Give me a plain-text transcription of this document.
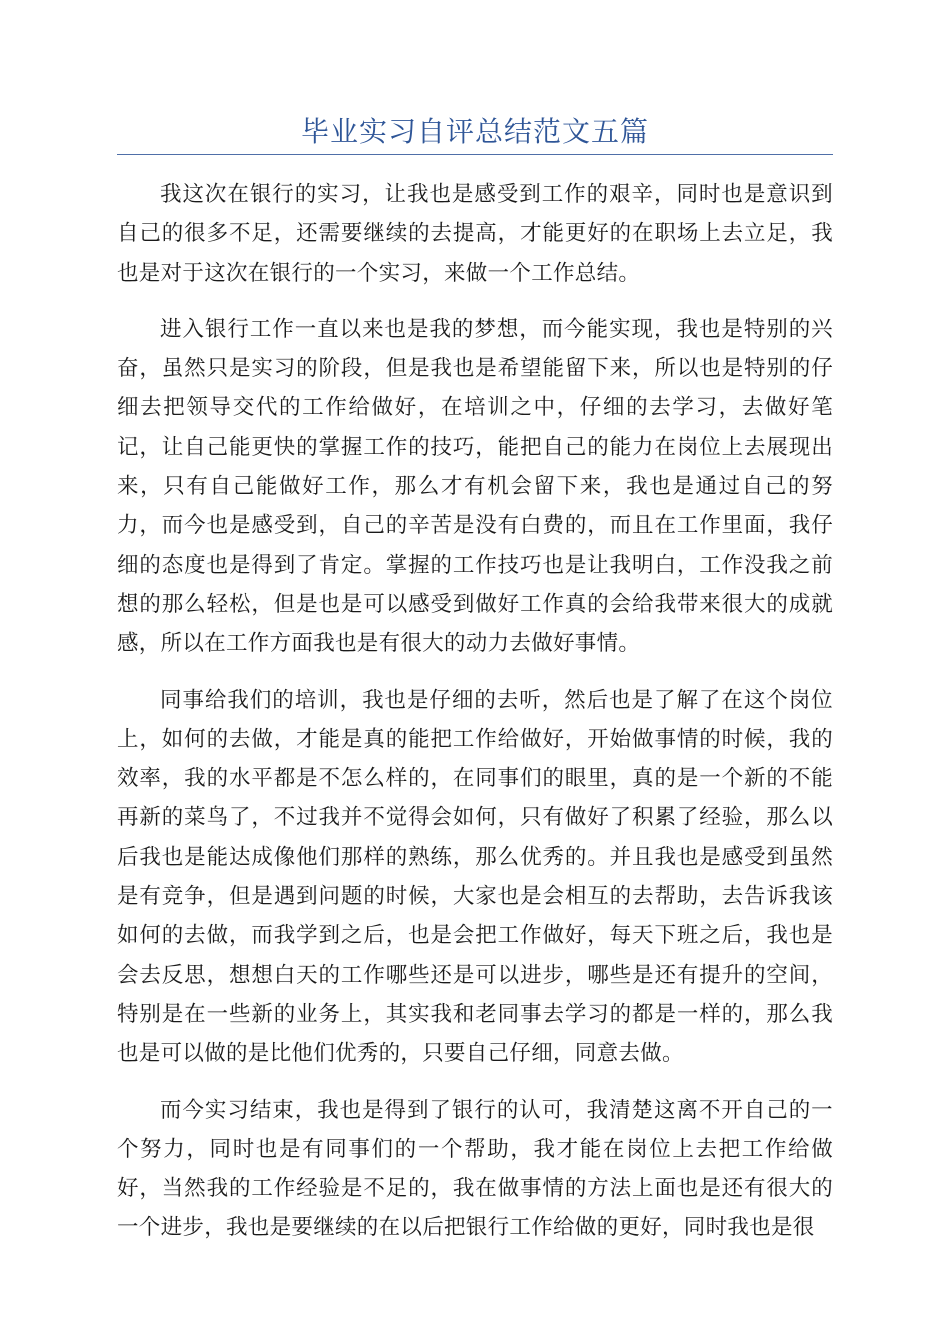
毕业实习自评总结范文五篇

我这次在银行的实习，让我也是感受到工作的艰辛，同时也是意识到自己的很多不足，还需要继续的去提高，才能更好的在职场上去立足，我也是对于这次在银行的一个实习，来做一个工作总结。

进入银行工作一直以来也是我的梦想，而今能实现，我也是特别的兴奋，虽然只是实习的阶段，但是我也是希望能留下来，所以也是特别的仔细去把领导交代的工作给做好，在培训之中，仔细的去学习，去做好笔记，让自己能更快的掌握工作的技巧，能把自己的能力在岗位上去展现出来，只有自己能做好工作，那么才有机会留下来，我也是通过自己的努力，而今也是感受到，自己的辛苦是没有白费的，而且在工作里面，我仔细的态度也是得到了肯定。掌握的工作技巧也是让我明白，工作没我之前想的那么轻松，但是也是可以感受到做好工作真的会给我带来很大的成就感，所以在工作方面我也是有很大的动力去做好事情。

同事给我们的培训，我也是仔细的去听，然后也是了解了在这个岗位上，如何的去做，才能是真的能把工作给做好，开始做事情的时候，我的效率，我的水平都是不怎么样的，在同事们的眼里，真的是一个新的不能再新的菜鸟了，不过我并不觉得会如何，只有做好了积累了经验，那么以后我也是能达成像他们那样的熟练，那么优秀的。并且我也是感受到虽然是有竞争，但是遇到问题的时候，大家也是会相互的去帮助，去告诉我该如何的去做，而我学到之后，也是会把工作做好，每天下班之后，我也是会去反思，想想白天的工作哪些还是可以进步，哪些是还有提升的空间，特别是在一些新的业务上，其实我和老同事去学习的都是一样的，那么我也是可以做的是比他们优秀的，只要自己仔细，同意去做。

而今实习结束，我也是得到了银行的认可，我清楚这离不开自己的一个努力，同时也是有同事们的一个帮助，我才能在岗位上去把工作给做好，当然我的工作经验是不足的，我在做事情的方法上面也是还有很大的一个进步，我也是要继续的在以后把银行工作给做的更好，同时我也是很
